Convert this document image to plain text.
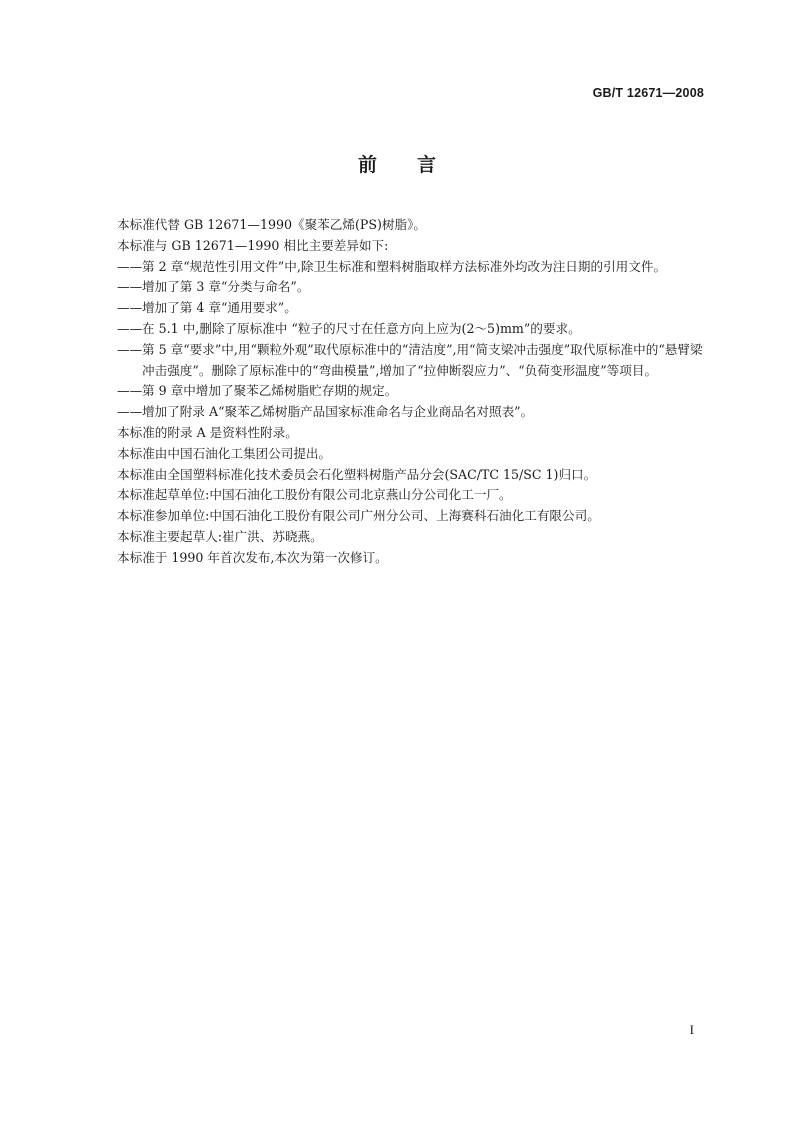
GB/T 12671—2008
前言
本标准代替 GB 12671—1990《聚苯乙烯(PS)树脂》。
本标准与 GB 12671—1990 相比主要差异如下:
—— 第 2 章“规范性引用文件”中,除卫生标准和塑料树脂取样方法标准外均改为注日期的引用文件。
—— 增加了第 3 章“分类与命名”。
—— 增加了第 4 章“通用要求”。
—— 在 5.1 中,删除了原标准中 “粒子的尺寸在任意方向上应为(2～5)mm”的要求。
—— 第 5 章“要求”中,用“颗粒外观”取代原标准中的“清洁度”,用“简支梁冲击强度”取代原标准中的“悬臂梁冲击强度”。删除了原标准中的“弯曲模量”,增加了“拉伸断裂应力”、“负荷变形温度”等项目。
—— 第 9 章中增加了聚苯乙烯树脂贮存期的规定。
—— 增加了附录 A“聚苯乙烯树脂产品国家标准命名与企业商品名对照表”。
本标准的附录 A 是资料性附录。
本标准由中国石油化工集团公司提出。
本标准由全国塑料标准化技术委员会石化塑料树脂产品分会(SAC/TC 15/SC 1)归口。
本标准起草单位:中国石油化工股份有限公司北京燕山分公司化工一厂。
本标准参加单位:中国石油化工股份有限公司广州分公司、上海赛科石油化工有限公司。
本标准主要起草人:崔广洪、苏晓燕。
本标准于 1990 年首次发布,本次为第一次修订。
I
